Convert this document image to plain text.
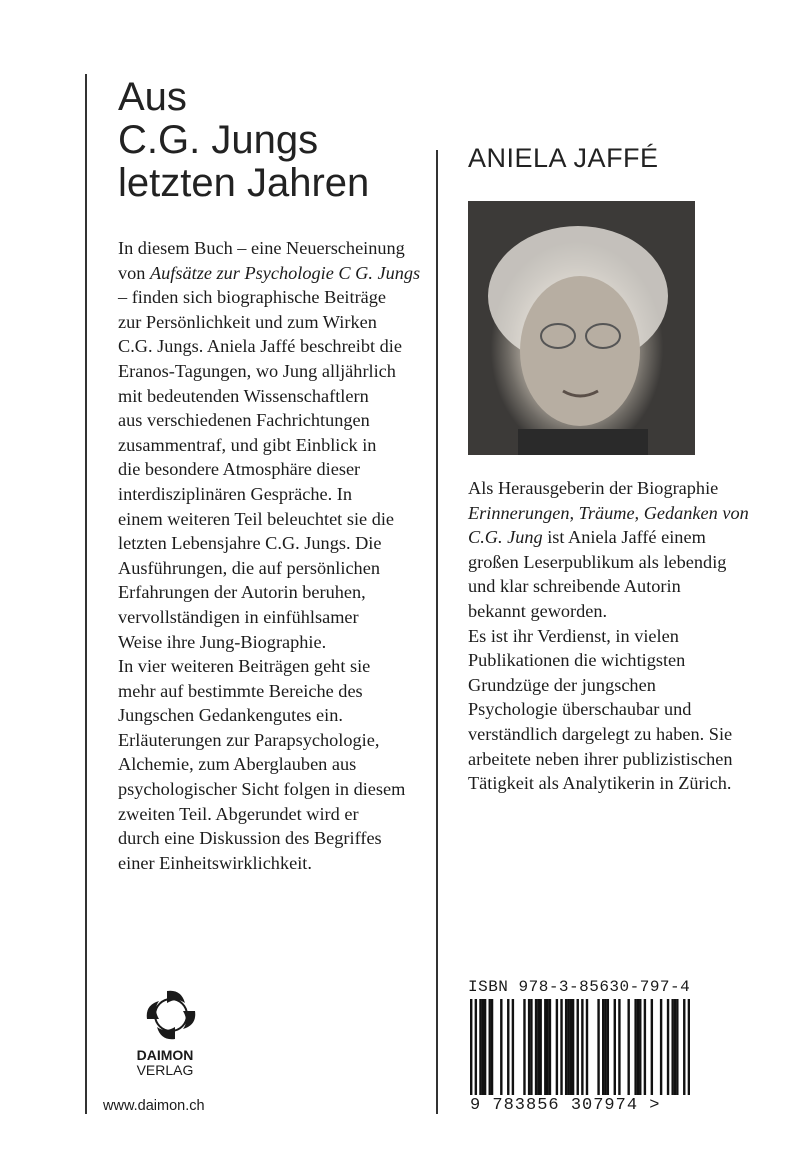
Aus
C.G. Jungs
letzten Jahren
In diesem Buch – eine Neuerscheinung
von Aufsätze zur Psychologie C G. Jungs
– finden sich biographische Beiträge
zur Persönlichkeit und zum Wirken
C.G. Jungs. Aniela Jaffé beschreibt die
Eranos-Tagungen, wo Jung alljährlich
mit bedeutenden Wissenschaftlern
aus verschiedenen Fachrichtungen
zusammentraf, und gibt Einblick in
die besondere Atmosphäre dieser
interdisziplinären Gespräche. In
einem weiteren Teil beleuchtet sie die
letzten Lebensjahre C.G. Jungs. Die
Ausführungen, die auf persönlichen
Erfahrungen der Autorin beruhen,
vervollständigen in einfühlsamer
Weise ihre Jung-Biographie.
In vier weiteren Beiträgen geht sie
mehr auf bestimmte Bereiche des
Jungschen Gedankengutes ein.
Erläuterungen zur Parapsychologie,
Alchemie, zum Aberglauben aus
psychologischer Sicht folgen in diesem
zweiten Teil. Abgerundet wird er
durch eine Diskussion des Begriffes
einer Einheitswirklichkeit.
ANIELA JAFFÉ
Als Herausgeberin der Biographie
Erinnerungen, Träume, Gedanken von
C.G. Jung ist Aniela Jaffé einem
großen Leserpublikum als lebendig
und klar schreibende Autorin
bekannt geworden.
Es ist ihr Verdienst, in vielen
Publikationen die wichtigsten
Grundzüge der jungschen
Psychologie überschaubar und
verständlich dargelegt zu haben. Sie
arbeitete neben ihrer publizistischen
Tätigkeit als Analytikerin in Zürich.
DAIMON
VERLAG
www.daimon.ch
ISBN 978-3-85630-797-4
9 783856 307974 >
